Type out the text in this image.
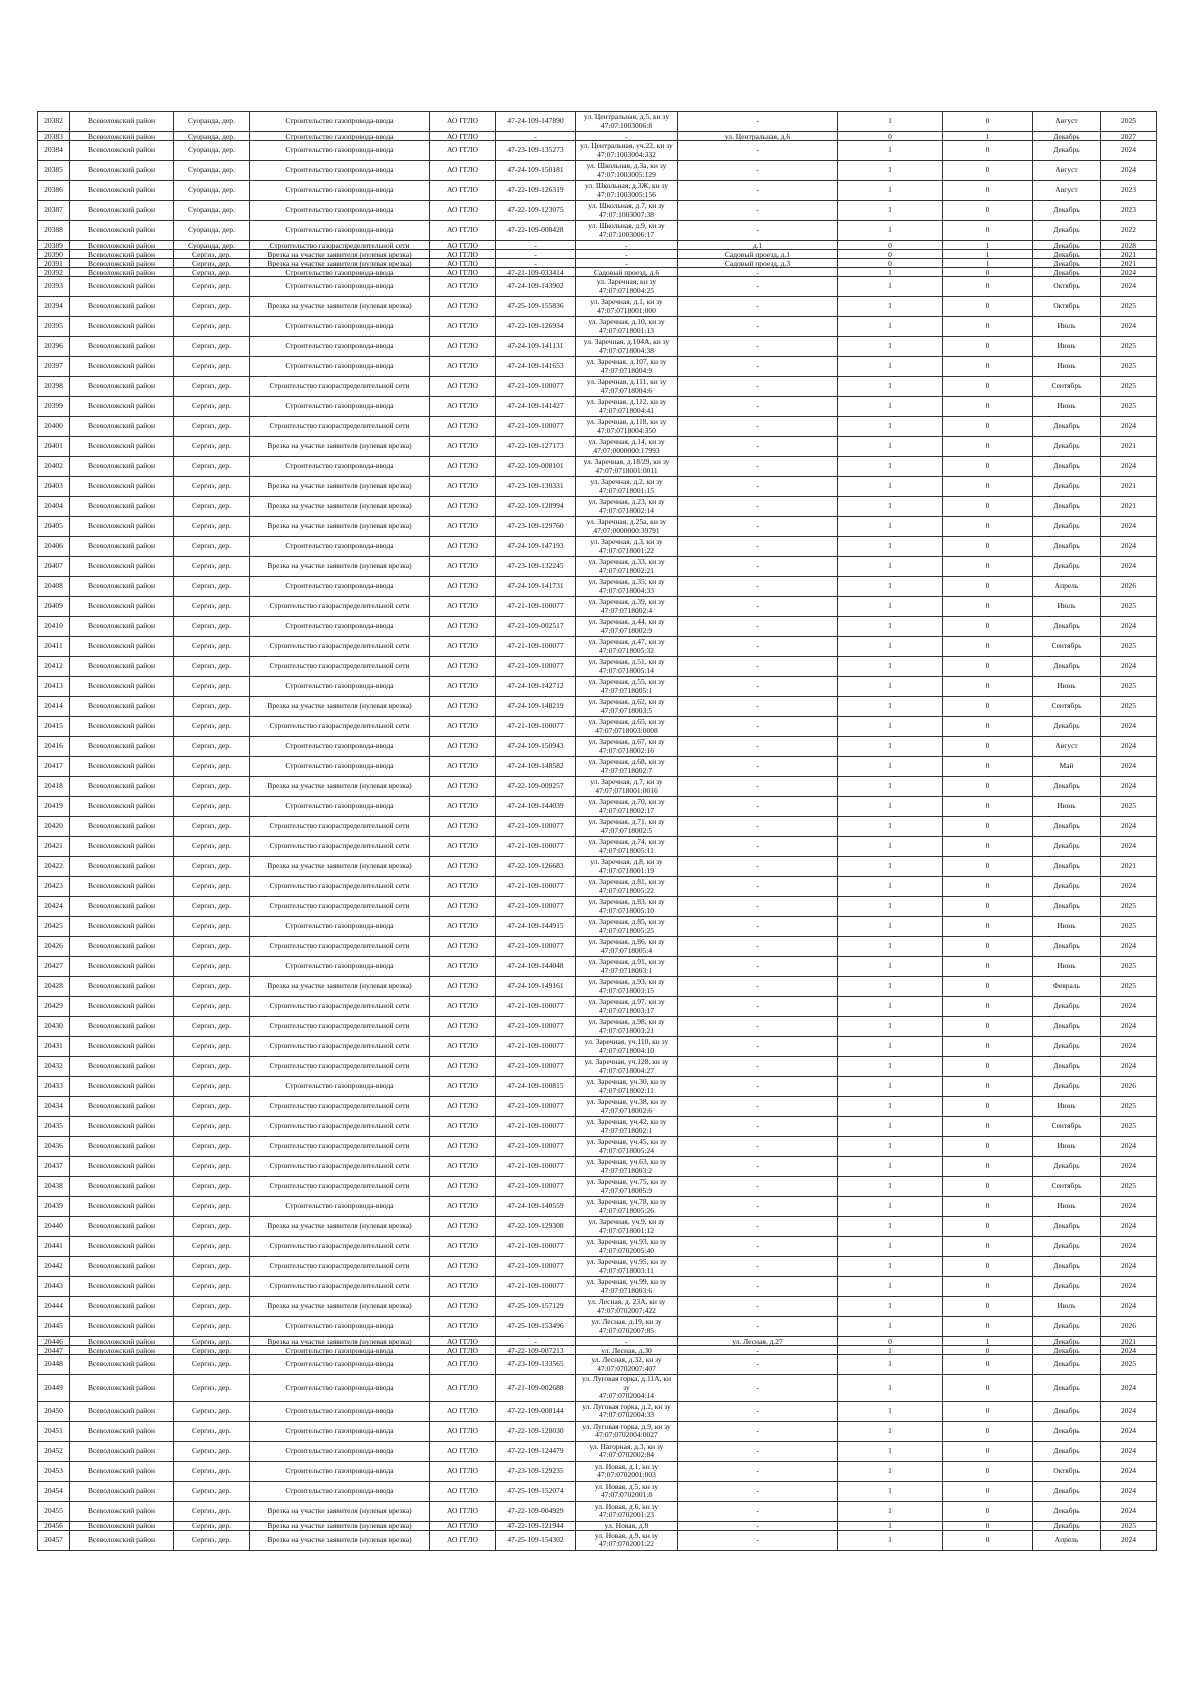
20382	Всеволожский район	Суоранда, дер.	Строительство газопровода-ввода	АО ГГЛО	47-24-109-147890	ул. Центральная, д.5, кн зу
47:07:1003006:8	-	1	0	Август	2025
20383	Всеволожский район	Суоранда, дер.	Строительство газопровода-ввода	АО ГГЛО	-	-	ул. Центральная, д.6	0	1	Декабрь	2027
20384	Всеволожский район	Суоранда, дер.	Строительство газопровода-ввода	АО ГГЛО	47-23-109-135273	ул. Центральная, уч.22, кн зу
47:07:1003004:332	-	1	0	Декабрь	2024
20385	Всеволожский район	Суоранда, дер.	Строительство газопровода-ввода	АО ГГЛО	47-24-109-150181	ул. Школьная, д.3а, кн зу
47:07:1003005:129	-	1	0	Август	2024
20386	Всеволожский район	Суоранда, дер.	Строительство газопровода-ввода	АО ГГЛО	47-22-109-126319	ул. Школьная, д.3Ж, кн зу
47:07:1003005:156	-	1	0	Август	2023
20387	Всеволожский район	Суоранда, дер.	Строительство газопровода-ввода	АО ГГЛО	47-22-109-123075	ул. Школьная, д.7, кн зу
47:07:1003007:38	-	1	0	Декабрь	2023
20388	Всеволожский район	Суоранда, дер.	Строительство газопровода-ввода	АО ГГЛО	47-22-109-008428	ул. Школьная, д.9, кн зу
47:07:1003006:17	-	1	0	Декабрь	2022
20389	Всеволожский район	Суоранда, дер.	Строительство газораспределительной сети	АО ГГЛО	-	-	д.1	0	1	Декабрь	2028
20390	Всеволожский район	Сергиэ, дер.	Врезка на участке заявителя (нулевая врезка)	АО ГГЛО	-	-	Садовый проезд, д.1	0	1	Декабрь	2021
20391	Всеволожский район	Сергиэ, дер.	Врезка на участке заявителя (нулевая врезка)	АО ГГЛО	-	-	Садовый проезд, д.3	0	1	Декабрь	2021
20392	Всеволожский район	Сергиэ, дер.	Строительство газопровода-ввода	АО ГГЛО	47-21-109-033414	Садовый проезд, д.6	-	1	0	Декабрь	2024
20393	Всеволожский район	Сергиэ, дер.	Строительство газопровода-ввода	АО ГГЛО	47-24-109-143902	ул. Заречная, кн зу 47:07:0718004:25	-	1	0	Октябрь	2024
20394	Всеволожский район	Сергиэ, дер.	Врезка на участке заявителя (нулевая врезка)	АО ГГЛО	47-25-109-155836	ул. Заречная, д.1, кн зу
47:07:0718001:000	-	1	0	Октябрь	2025
20395	Всеволожский район	Сергиэ, дер.	Строительство газопровода-ввода	АО ГГЛО	47-22-109-126934	ул. Заречная, д.10, кн зу
47:07:0718001:13	-	1	0	Июль	2024
20396	Всеволожский район	Сергиэ, дер.	Строительство газопровода-ввода	АО ГГЛО	47-24-109-141131	ул. Заречная, д.104А, кн зу
47:07:0718004:38	-	1	0	Июнь	2025
20397	Всеволожский район	Сергиэ, дер.	Строительство газопровода-ввода	АО ГГЛО	47-24-109-141653	ул. Заречная, д.107, кн зу
47:07:0718004:9	-	1	0	Июнь	2025
20398	Всеволожский район	Сергиэ, дер.	Строительство газораспределительной сети	АО ГГЛО	47-21-109-100077	ул. Заречная, д.111, кн зу
47:07:0718004:6	-	1	0	Сентябрь	2025
20399	Всеволожский район	Сергиэ, дер.	Строительство газопровода-ввода	АО ГГЛО	47-24-109-141427	ул. Заречная, д.112, кн зу
47:07:0718004:41	-	1	0	Июнь	2025
20400	Всеволожский район	Сергиэ, дер.	Строительство газораспределительной сети	АО ГГЛО	47-21-109-100077	ул. Заречная, д.118, кн зу
47:07:0718004:350	-	1	0	Декабрь	2024
20401	Всеволожский район	Сергиэ, дер.	Врезка на участке заявителя (нулевая врезка)	АО ГГЛО	47-22-109-127173	ул. Заречная, д.14, кн зу
47:07:0000000:17993	-	1	0	Декабрь	2021
20402	Всеволожский район	Сергиэ, дер.	Строительство газопровода-ввода	АО ГГЛО	47-22-109-008101	ул. Заречная, д.18/29, кн зу
47:07:0718001:0011	-	1	0	Декабрь	2024
20403	Всеволожский район	Сергиэ, дер.	Врезка на участке заявителя (нулевая врезка)	АО ГГЛО	47-23-109-130331	ул. Заречная, д.2, кн зу
47:07:0718001:15	-	1	0	Декабрь	2021
20404	Всеволожский район	Сергиэ, дер.	Врезка на участке заявителя (нулевая врезка)	АО ГГЛО	47-22-109-128994	ул. Заречная, д.23, кн зу
47:07:0718002:14	-	1	0	Декабрь	2021
20405	Всеволожский район	Сергиэ, дер.	Врезка на участке заявителя (нулевая врезка)	АО ГГЛО	47-23-109-129760	ул. Заречная, д.25а, кн зу
47:07:0000000:39791	-	1	0	Декабрь	2024
20406	Всеволожский район	Сергиэ, дер.	Строительство газопровода-ввода	АО ГГЛО	47-24-109-147193	ул. Заречная, д.3, кн зу
47:07:0718001:22	-	1	0	Декабрь	2024
20407	Всеволожский район	Сергиэ, дер.	Врезка на участке заявителя (нулевая врезка)	АО ГГЛО	47-23-109-132245	ул. Заречная, д.33, кн зу
47:07:0718002:21	-	1	0	Декабрь	2024
20408	Всеволожский район	Сергиэ, дер.	Строительство газопровода-ввода	АО ГГЛО	47-24-109-141731	ул. Заречная, д.35, кн зу
47:07:0718004:33	-	1	0	Апрель	2026
20409	Всеволожский район	Сергиэ, дер.	Строительство газораспределительной сети	АО ГГЛО	47-21-109-100077	ул. Заречная, д.39, кн зу
47:07:0718002:4	-	1	0	Июль	2025
20410	Всеволожский район	Сергиэ, дер.	Строительство газопровода-ввода	АО ГГЛО	47-21-109-002517	ул. Заречная, д.44, кн зу
47:07:0718002:9	-	1	0	Декабрь	2024
20411	Всеволожский район	Сергиэ, дер.	Строительство газораспределительной сети	АО ГГЛО	47-21-109-100077	ул. Заречная, д.47, кн зу
47:07:0718005:32	-	1	0	Сентябрь	2025
20412	Всеволожский район	Сергиэ, дер.	Строительство газораспределительной сети	АО ГГЛО	47-21-109-100077	ул. Заречная, д.51, кн зу
47:07:0718005:14	-	1	0	Декабрь	2024
20413	Всеволожский район	Сергиэ, дер.	Строительство газопровода-ввода	АО ГГЛО	47-24-109-142712	ул. Заречная, д.55, кн зу
47:07:0718005:1	-	1	0	Июнь	2025
20414	Всеволожский район	Сергиэ, дер.	Врезка на участке заявителя (нулевая врезка)	АО ГГЛО	47-24-109-148219	ул. Заречная, д.62, кн зу
47:07:0718003:5	-	1	0	Сентябрь	2025
20415	Всеволожский район	Сергиэ, дер.	Строительство газораспределительной сети	АО ГГЛО	47-21-109-100077	ул. Заречная, д.65, кн зу
47:07:0718003:0008	-	1	0	Декабрь	2024
20416	Всеволожский район	Сергиэ, дер.	Строительство газопровода-ввода	АО ГГЛО	47-24-109-150943	ул. Заречная, д.67, кн зу
47:07:0718002:16	-	1	0	Август	2024
20417	Всеволожский район	Сергиэ, дер.	Строительство газопровода-ввода	АО ГГЛО	47-24-109-148582	ул. Заречная, д.68, кн зу
47:07:0718002:7	-	1	0	Май	2024
20418	Всеволожский район	Сергиэ, дер.	Врезка на участке заявителя (нулевая врезка)	АО ГГЛО	47-22-109-009257	ул. Заречная, д.7, кн зу
47:07:0718001:0016	-	1	0	Декабрь	2024
20419	Всеволожский район	Сергиэ, дер.	Строительство газопровода-ввода	АО ГГЛО	47-24-109-144039	ул. Заречная, д.70, кн зу
47:07:0718002:17	-	1	0	Июнь	2025
20420	Всеволожский район	Сергиэ, дер.	Строительство газораспределительной сети	АО ГГЛО	47-21-109-100077	ул. Заречная, д.71, кн зу
47:07:0718002:5	-	1	0	Декабрь	2024
20421	Всеволожский район	Сергиэ, дер.	Строительство газораспределительной сети	АО ГГЛО	47-21-109-100077	ул. Заречная, д.74, кн зу
47:07:0718005:11	-	1	0	Декабрь	2024
20422	Всеволожский район	Сергиэ, дер.	Врезка на участке заявителя (нулевая врезка)	АО ГГЛО	47-22-109-126683	ул. Заречная, д.8, кн зу
47:07:0718001:19	-	1	0	Декабрь	2021
20423	Всеволожский район	Сергиэ, дер.	Строительство газораспределительной сети	АО ГГЛО	47-21-109-100077	ул. Заречная, д.81, кн зу
47:07:0718005:22	-	1	0	Декабрь	2024
20424	Всеволожский район	Сергиэ, дер.	Строительство газораспределительной сети	АО ГГЛО	47-21-109-100077	ул. Заречная, д.83, кн зу
47:07:0718005:10	-	1	0	Декабрь	2025
20425	Всеволожский район	Сергиэ, дер.	Строительство газопровода-ввода	АО ГГЛО	47-24-109-144915	ул. Заречная, д.85, кн зу
47:07:0718005:25	-	1	0	Июнь	2025
20426	Всеволожский район	Сергиэ, дер.	Строительство газораспределительной сети	АО ГГЛО	47-21-109-100077	ул. Заречная, д.86, кн зу
47:07:0718005:4	-	1	0	Декабрь	2024
20427	Всеволожский район	Сергиэ, дер.	Строительство газопровода-ввода	АО ГГЛО	47-24-109-144048	ул. Заречная, д.91, кн зу
47:07:0718003:1	-	1	0	Июнь	2025
20428	Всеволожский район	Сергиэ, дер.	Врезка на участке заявителя (нулевая врезка)	АО ГГЛО	47-24-109-149161	ул. Заречная, д.93, кн зу
47:07:0718003:15	-	1	0	Февраль	2025
20429	Всеволожский район	Сергиэ, дер.	Строительство газораспределительной сети	АО ГГЛО	47-21-109-100077	ул. Заречная, д.97, кн зу
47:07:0718003:17	-	1	0	Декабрь	2024
20430	Всеволожский район	Сергиэ, дер.	Строительство газораспределительной сети	АО ГГЛО	47-21-109-100077	ул. Заречная, д.98, кн зу
47:07:0718003:21	-	1	0	Декабрь	2024
20431	Всеволожский район	Сергиэ, дер.	Строительство газораспределительной сети	АО ГГЛО	47-21-109-100077	ул. Заречная, уч.110, кн зу
47:07:0718004:10	-	1	0	Декабрь	2024
20432	Всеволожский район	Сергиэ, дер.	Строительство газораспределительной сети	АО ГГЛО	47-21-109-100077	ул. Заречная, уч.128, кн зу
47:07:0718004:27	-	1	0	Декабрь	2024
20433	Всеволожский район	Сергиэ, дер.	Строительство газопровода-ввода	АО ГГЛО	47-24-109-100815	ул. Заречная, уч.30, кн зу
47:07:0718002:11	-	1	0	Декабрь	2026
20434	Всеволожский район	Сергиэ, дер.	Строительство газораспределительной сети	АО ГГЛО	47-21-109-100077	ул. Заречная, уч.38, кн зу
47:07:0718002:6	-	1	0	Июнь	2025
20435	Всеволожский район	Сергиэ, дер.	Строительство газораспределительной сети	АО ГГЛО	47-21-109-100077	ул. Заречная, уч.42, кн зу
47:07:0718002:1	-	1	0	Сентябрь	2025
20436	Всеволожский район	Сергиэ, дер.	Строительство газораспределительной сети	АО ГГЛО	47-21-109-100077	ул. Заречная, уч.45, кн зу
47:07:0718005:24	-	1	0	Июнь	2024
20437	Всеволожский район	Сергиэ, дер.	Строительство газораспределительной сети	АО ГГЛО	47-21-109-100077	ул. Заречная, уч.63, кн зу
47:07:0718003:2	-	1	0	Декабрь	2024
20438	Всеволожский район	Сергиэ, дер.	Строительство газораспределительной сети	АО ГГЛО	47-21-109-100077	ул. Заречная, уч.75, кн зу
47:07:0718005:9	-	1	0	Сентябрь	2025
20439	Всеволожский район	Сергиэ, дер.	Строительство газопровода-ввода	АО ГГЛО	47-24-109-140559	ул. Заречная, уч.78, кн зу
47:07:0718005:26	-	1	0	Июнь	2024
20440	Всеволожский район	Сергиэ, дер.	Врезка на участке заявителя (нулевая врезка)	АО ГГЛО	47-22-109-129308	ул. Заречная, уч.9, кн зу
47:07:0718001:12	-	1	0	Декабрь	2024
20441	Всеволожский район	Сергиэ, дер.	Строительство газораспределительной сети	АО ГГЛО	47-21-109-100077	ул. Заречная, уч.93, кн зу
47:07:0702005:40	-	1	0	Декабрь	2024
20442	Всеволожский район	Сергиэ, дер.	Строительство газораспределительной сети	АО ГГЛО	47-21-109-100077	ул. Заречная, уч.95, кн зу
47:07:0718003:11	-	1	0	Декабрь	2024
20443	Всеволожский район	Сергиэ, дер.	Строительство газораспределительной сети	АО ГГЛО	47-21-109-100077	ул. Заречная, уч.99, кн зу
47:07:0718003:6	-	1	0	Декабрь	2024
20444	Всеволожский район	Сергиэ, дер.	Врезка на участке заявителя (нулевая врезка)	АО ГГЛО	47-25-109-157129	ул. Лесная, д. 23А, кн зу
47:07:0702007:422	-	1	0	Июль	2024
20445	Всеволожский район	Сергиэ, дер.	Строительство газопровода-ввода	АО ГГЛО	47-25-109-153496	ул. Лесная, д.19, кн зу
47:07:0702007:85	-	1	0	Декабрь	2026
20446	Всеволожский район	Сергиэ, дер.	Врезка на участке заявителя (нулевая врезка)	АО ГГЛО	-	-	ул. Лесная, д.27	0	1	Декабрь	2021
20447	Всеволожский район	Сергиэ, дер.	Строительство газопровода-ввода	АО ГГЛО	47-22-109-007213	ул. Лесная, д.30	-	1	0	Декабрь	2024
20448	Всеволожский район	Сергиэ, дер.	Строительство газопровода-ввода	АО ГГЛО	47-23-109-133565	ул. Лесная, д.32, кн зу
47:07:0702007:407	-	1	0	Декабрь	2025
20449	Всеволожский район	Сергиэ, дер.	Строительство газопровода-ввода	АО ГГЛО	47-21-109-002688	ул. Луговая горка, д.11А, кн зу
47:07:0702004:14	-	1	0	Декабрь	2024
20450	Всеволожский район	Сергиэ, дер.	Строительство газопровода-ввода	АО ГГЛО	47-22-109-008144	ул. Луговая горка, д.2, кн зу
47:07:0702004:33	-	1	0	Декабрь	2024
20451	Всеволожский район	Сергиэ, дер.	Строительство газопровода-ввода	АО ГГЛО	47-22-109-128030	ул. Луговая горка, д.9, кн зу
47:07:0702004:0027	-	1	0	Декабрь	2024
20452	Всеволожский район	Сергиэ, дер.	Строительство газопровода-ввода	АО ГГЛО	47-22-109-124479	ул. Нагорная, д.3, кн зу
47:07:0702002:84	-	1	0	Декабрь	2024
20453	Всеволожский район	Сергиэ, дер.	Строительство газопровода-ввода	АО ГГЛО	47-23-109-129235	ул. Новая, д.1, кн зу
47:07:0702001:003	-	1	0	Октябрь	2024
20454	Всеволожский район	Сергиэ, дер.	Строительство газопровода-ввода	АО ГГЛО	47-25-109-152074	ул. Новая, д.5, кн зу 47:07:0702001:8	-	1	0	Декабрь	2024
20455	Всеволожский район	Сергиэ, дер.	Врезка на участке заявителя (нулевая врезка)	АО ГГЛО	47-22-109-004929	ул. Новая, д.6, кн зу
47:07:0702001:23	-	1	0	Декабрь	2024
20456	Всеволожский район	Сергиэ, дер.	Врезка на участке заявителя (нулевая врезка)	АО ГГЛО	47-22-109-121944	ул. Новая, д.8	-	1	0	Декабрь	2025
20457	Всеволожский район	Сергиэ, дер.	Врезка на участке заявителя (нулевая врезка)	АО ГГЛО	47-25-109-154302	ул. Новая, д.9, кн зу
47:07:0702001:22	-	1	0	Апрель	2024
